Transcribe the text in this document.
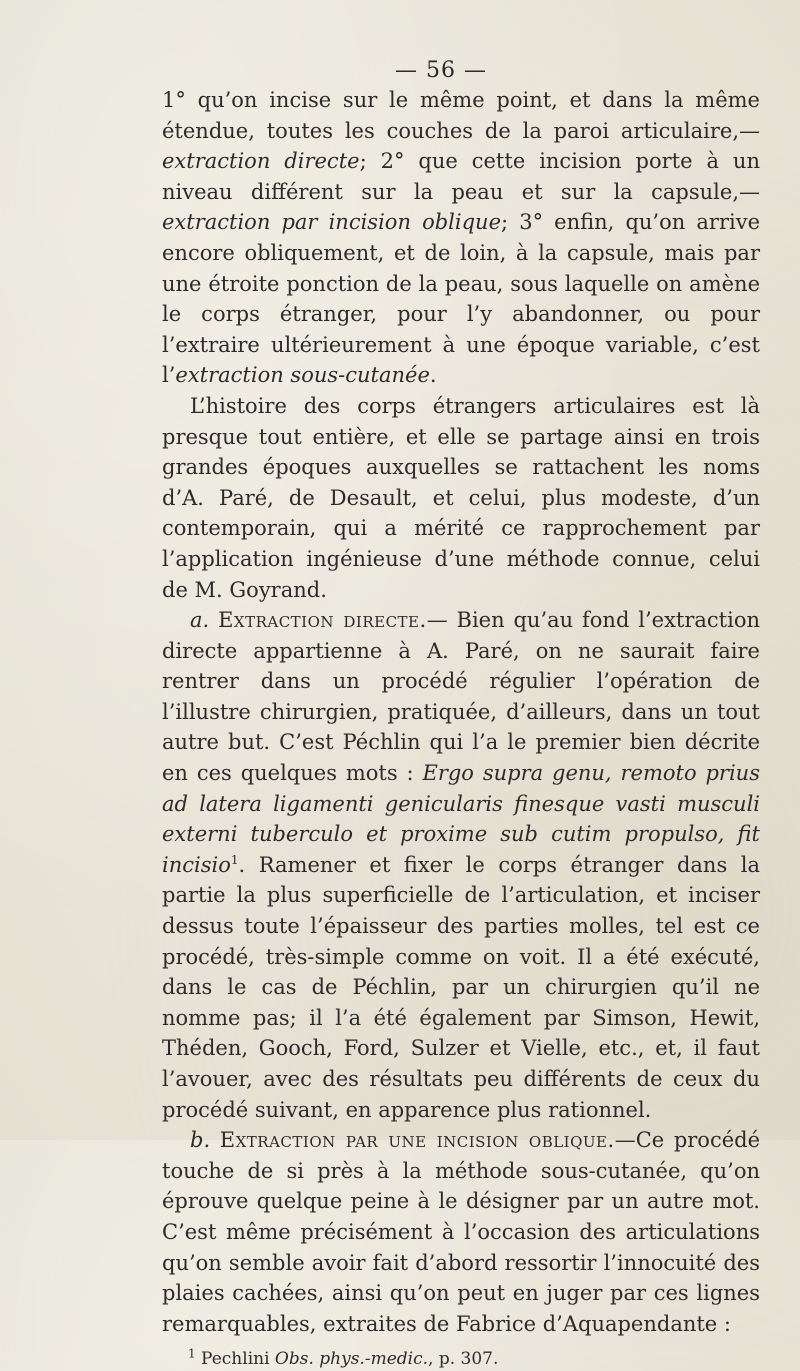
— 56 —

1° qu’on incise sur le même point, et dans la même étendue, toutes les couches de la paroi articulaire,—extraction directe; 2° que cette incision porte à un niveau différent sur la peau et sur la capsule,—extraction par incision oblique; 3° enfin, qu’on arrive encore obliquement, et de loin, à la capsule, mais par une étroite ponction de la peau, sous laquelle on amène le corps étranger, pour l’y abandonner, ou pour l’extraire ultérieurement à une époque variable, c’est l’extraction sous-cutanée.

L’histoire des corps étrangers articulaires est là presque tout entière, et elle se partage ainsi en trois grandes époques auxquelles se rattachent les noms d’A. Paré, de Desault, et celui, plus modeste, d’un contemporain, qui a mérité ce rapprochement par l’application ingénieuse d’une méthode connue, celui de M. Goyrand.

a. Extraction directe.— Bien qu’au fond l’extraction directe appartienne à A. Paré, on ne saurait faire rentrer dans un procédé régulier l’opération de l’illustre chirurgien, pratiquée, d’ailleurs, dans un tout autre but. C’est Péchlin qui l’a le premier bien décrite en ces quelques mots : Ergo supra genu, remoto prius ad latera ligamenti genicularis finesque vasti musculi externi tuberculo et proxime sub cutim propulso, fit incisio$^1$. Ramener et fixer le corps étranger dans la partie la plus superficielle de l’articulation, et inciser dessus toute l’épaisseur des parties molles, tel est ce procédé, très-simple comme on voit. Il a été exécuté, dans le cas de Péchlin, par un chirurgien qu’il ne nomme pas; il l’a été également par Simson, Hewit, Théden, Gooch, Ford, Sulzer et Vielle, etc., et, il faut l’avouer, avec des résultats peu différents de ceux du procédé suivant, en apparence plus rationnel.

b. Extraction par une incision oblique.—Ce procédé touche de si près à la méthode sous-cutanée, qu’on éprouve quelque peine à le désigner par un autre mot. C’est même précisément à l’occasion des articulations qu’on semble avoir fait d’abord ressortir l’innocuité des plaies cachées, ainsi qu’on peut en juger par ces lignes remarquables, extraites de Fabrice d’Aquapendante :

$^1$ Pechlini Obs. phys.-medic., p. 307.
